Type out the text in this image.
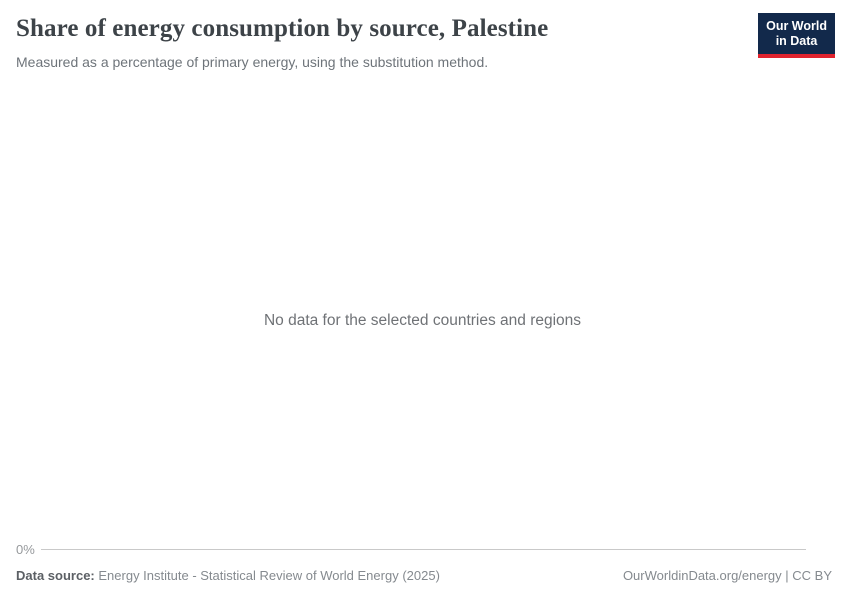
Share of energy consumption by source, Palestine

Measured as a percentage of primary energy, using the substitution method.

Our World
in Data
No data for the selected countries and regions
0%
Data source: Energy Institute - Statistical Review of World Energy (2025)	OurWorldinData.org/energy | CC BY
